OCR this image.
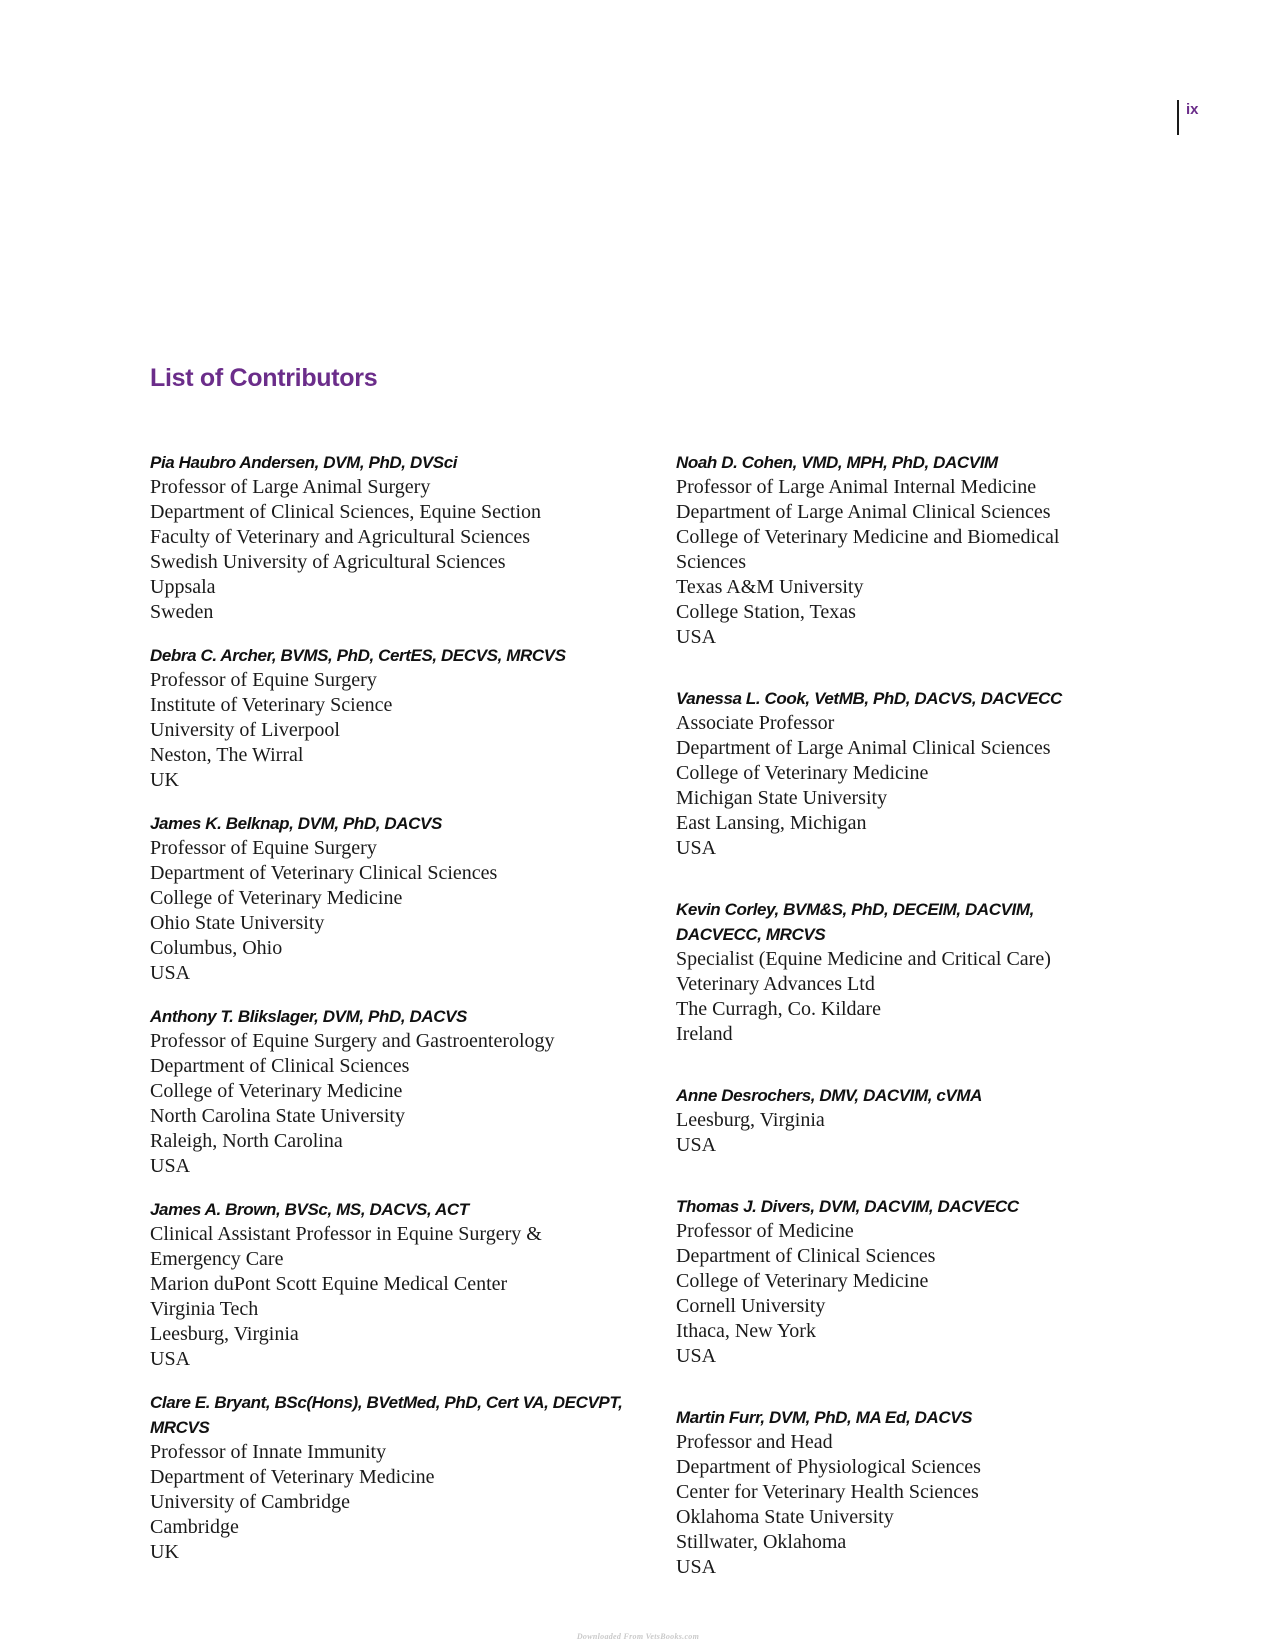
ix
List of Contributors
Pia Haubro Andersen, DVM, PhD, DVSci
Professor of Large Animal Surgery
Department of Clinical Sciences, Equine Section
Faculty of Veterinary and Agricultural Sciences
Swedish University of Agricultural Sciences
Uppsala
Sweden
Debra C. Archer, BVMS, PhD, CertES, DECVS, MRCVS
Professor of Equine Surgery
Institute of Veterinary Science
University of Liverpool
Neston, The Wirral
UK
James K. Belknap, DVM, PhD, DACVS
Professor of Equine Surgery
Department of Veterinary Clinical Sciences
College of Veterinary Medicine
Ohio State University
Columbus, Ohio
USA
Anthony T. Blikslager, DVM, PhD, DACVS
Professor of Equine Surgery and Gastroenterology
Department of Clinical Sciences
College of Veterinary Medicine
North Carolina State University
Raleigh, North Carolina
USA
James A. Brown, BVSc, MS, DACVS, ACT
Clinical Assistant Professor in Equine Surgery &
Emergency Care
Marion duPont Scott Equine Medical Center
Virginia Tech
Leesburg, Virginia
USA
Clare E. Bryant, BSc(Hons), BVetMed, PhD, Cert VA, DECVPT, MRCVS
Professor of Innate Immunity
Department of Veterinary Medicine
University of Cambridge
Cambridge
UK
Noah D. Cohen, VMD, MPH, PhD, DACVIM
Professor of Large Animal Internal Medicine
Department of Large Animal Clinical Sciences
College of Veterinary Medicine and Biomedical
Sciences
Texas A&M University
College Station, Texas
USA
Vanessa L. Cook, VetMB, PhD, DACVS, DACVECC
Associate Professor
Department of Large Animal Clinical Sciences
College of Veterinary Medicine
Michigan State University
East Lansing, Michigan
USA
Kevin Corley, BVM&S, PhD, DECEIM, DACVIM, DACVECC, MRCVS
Specialist (Equine Medicine and Critical Care)
Veterinary Advances Ltd
The Curragh, Co. Kildare
Ireland
Anne Desrochers, DMV, DACVIM, cVMA
Leesburg, Virginia
USA
Thomas J. Divers, DVM, DACVIM, DACVECC
Professor of Medicine
Department of Clinical Sciences
College of Veterinary Medicine
Cornell University
Ithaca, New York
USA
Martin Furr, DVM, PhD, MA Ed, DACVS
Professor and Head
Department of Physiological Sciences
Center for Veterinary Health Sciences
Oklahoma State University
Stillwater, Oklahoma
USA
Downloaded From VetsBooks.com
